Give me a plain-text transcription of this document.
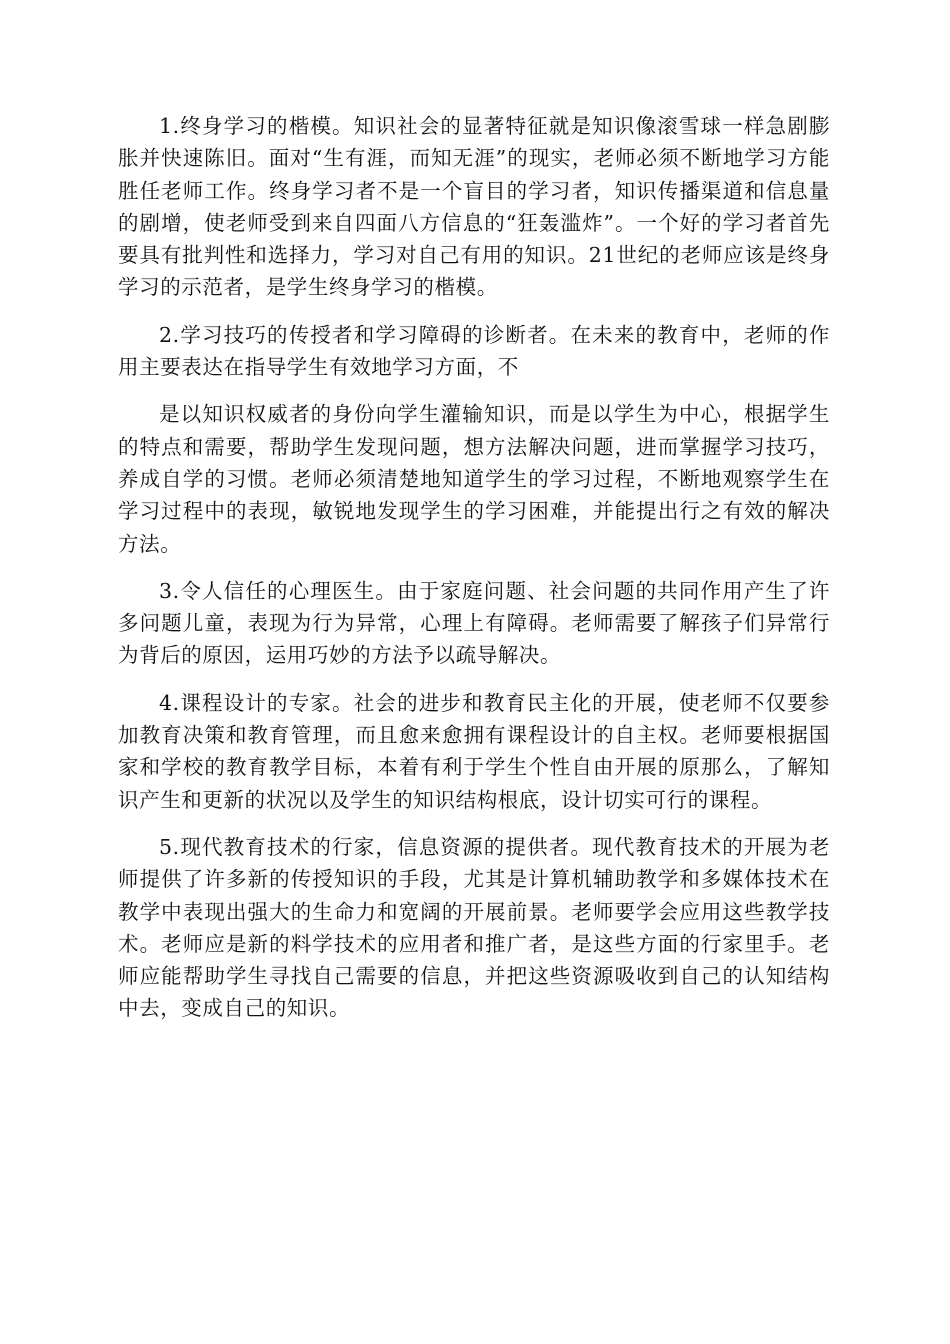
1.终身学习的楷模。知识社会的显著特征就是知识像滚雪球一样急剧膨胀并快速陈旧。面对“生有涯，而知无涯”的现实，老师必须不断地学习方能胜任老师工作。终身学习者不是一个盲目的学习者，知识传播渠道和信息量的剧增，使老师受到来自四面八方信息的“狂轰滥炸”。一个好的学习者首先要具有批判性和选择力，学习对自己有用的知识。21世纪的老师应该是终身学习的示范者，是学生终身学习的楷模。

2.学习技巧的传授者和学习障碍的诊断者。在未来的教育中，老师的作用主要表达在指导学生有效地学习方面，不

是以知识权威者的身份向学生灌输知识，而是以学生为中心，根据学生的特点和需要，帮助学生发现问题，想方法解决问题，进而掌握学习技巧，养成自学的习惯。老师必须清楚地知道学生的学习过程，不断地观察学生在学习过程中的表现，敏锐地发现学生的学习困难，并能提出行之有效的解决方法。

3.令人信任的心理医生。由于家庭问题、社会问题的共同作用产生了许多问题儿童，表现为行为异常，心理上有障碍。老师需要了解孩子们异常行为背后的原因，运用巧妙的方法予以疏导解决。

4.课程设计的专家。社会的进步和教育民主化的开展，使老师不仅要参加教育决策和教育管理，而且愈来愈拥有课程设计的自主权。老师要根据国家和学校的教育教学目标，本着有利于学生个性自由开展的原那么，了解知识产生和更新的状况以及学生的知识结构根底，设计切实可行的课程。

5.现代教育技术的行家，信息资源的提供者。现代教育技术的开展为老师提供了许多新的传授知识的手段，尤其是计算机辅助教学和多媒体技术在教学中表现出强大的生命力和宽阔的开展前景。老师要学会应用这些教学技术。老师应是新的料学技术的应用者和推广者，是这些方面的行家里手。老师应能帮助学生寻找自己需要的信息，并把这些资源吸收到自己的认知结构中去，变成自己的知识。
